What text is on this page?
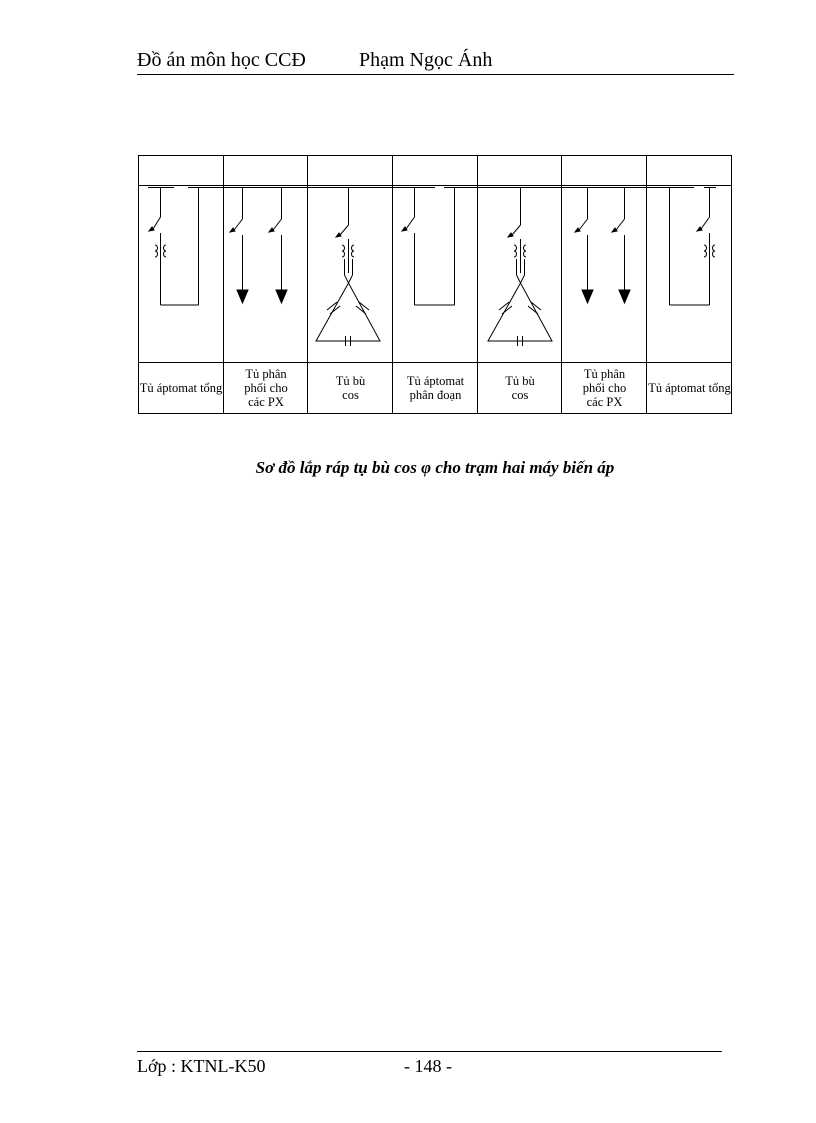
Đồ án môn học CCĐ	Phạm Ngọc Ánh
Tủ áptomat tổng
Tủ phân phối cho các PX
Tủ bù cos
Tủ áptomat phân đoạn
Tủ bù cos
Tủ phân phối cho các PX
Tủ áptomat tổng
Sơ đồ lắp ráp tụ bù cos φ cho trạm hai máy biến áp
Lớp : KTNL-K50	- 148 -
